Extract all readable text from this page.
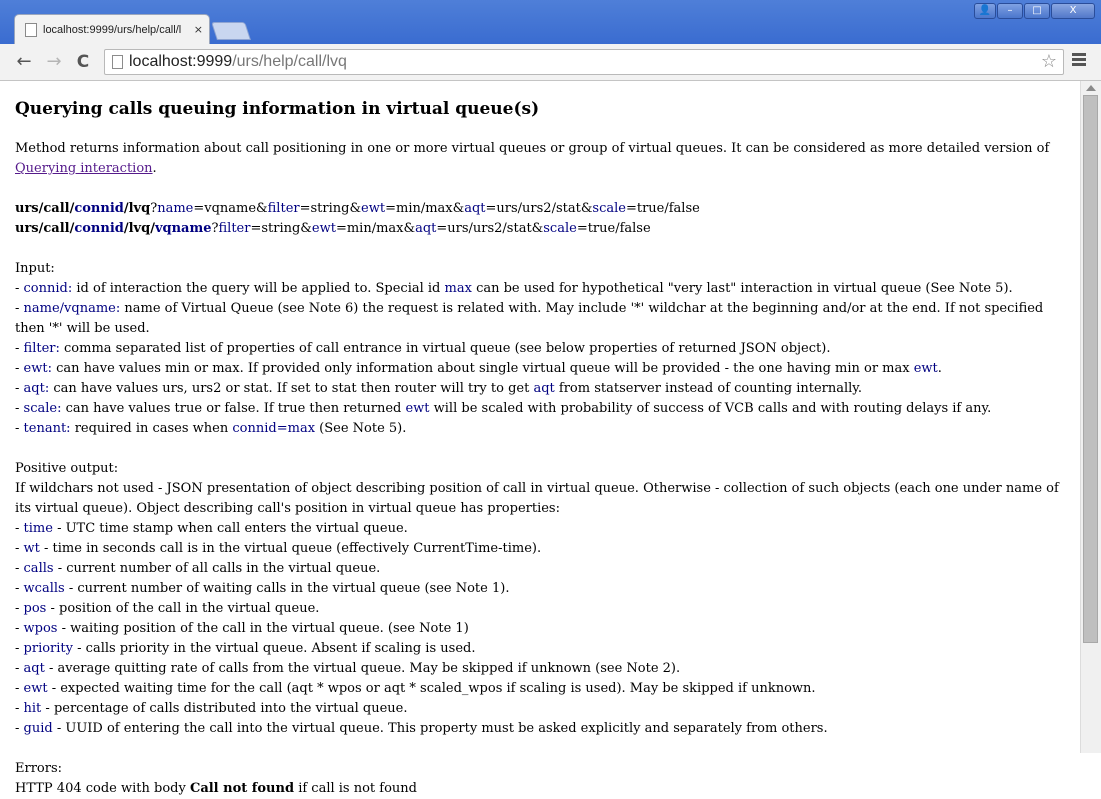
localhost:9999/urs/help/call/l	×
👤	–	□	X
← → C	localhost:9999/urs/help/call/lvq	☆
Querying calls queuing information in virtual queue(s)

Method returns information about call positioning in one or more virtual queues or group of virtual queues. It can be considered as more detailed version of Querying interaction.

urs/call/connid/lvq?name=vqname&filter=string&ewt=min/max&aqt=urs/urs2/stat&scale=true/false

urs/call/connid/lvq/vqname?filter=string&ewt=min/max&aqt=urs/urs2/stat&scale=true/false

Input:

- connid: id of interaction the query will be applied to. Special id max can be used for hypothetical "very last" interaction in virtual queue (See Note 5).

- name/vqname: name of Virtual Queue (see Note 6) the request is related with. May include '*' wildchar at the beginning and/or at the end. If not specified then '*' will be used.

- filter: comma separated list of properties of call entrance in virtual queue (see below properties of returned JSON object).

- ewt: can have values min or max. If provided only information about single virtual queue will be provided - the one having min or max ewt.

- aqt: can have values urs, urs2 or stat. If set to stat then router will try to get aqt from statserver instead of counting internally.

- scale: can have values true or false. If true then returned ewt will be scaled with probability of success of VCB calls and with routing delays if any.

- tenant: required in cases when connid=max (See Note 5).

Positive output:

If wildchars not used - JSON presentation of object describing position of call in virtual queue. Otherwise - collection of such objects (each one under name of its virtual queue). Object describing call's position in virtual queue has properties:

- time - UTC time stamp when call enters the virtual queue.

- wt - time in seconds call is in the virtual queue (effectively CurrentTime-time).

- calls - current number of all calls in the virtual queue.

- wcalls - current number of waiting calls in the virtual queue (see Note 1).

- pos - position of the call in the virtual queue.

- wpos - waiting position of the call in the virtual queue. (see Note 1)

- priority - calls priority in the virtual queue. Absent if scaling is used.

- aqt - average quitting rate of calls from the virtual queue. May be skipped if unknown (see Note 2).

- ewt - expected waiting time for the call (aqt * wpos or aqt * scaled_wpos if scaling is used). May be skipped if unknown.

- hit - percentage of calls distributed into the virtual queue.

- guid - UUID of entering the call into the virtual queue. This property must be asked explicitly and separately from others.

Errors:

HTTP 404 code with body Call not found if call is not found
